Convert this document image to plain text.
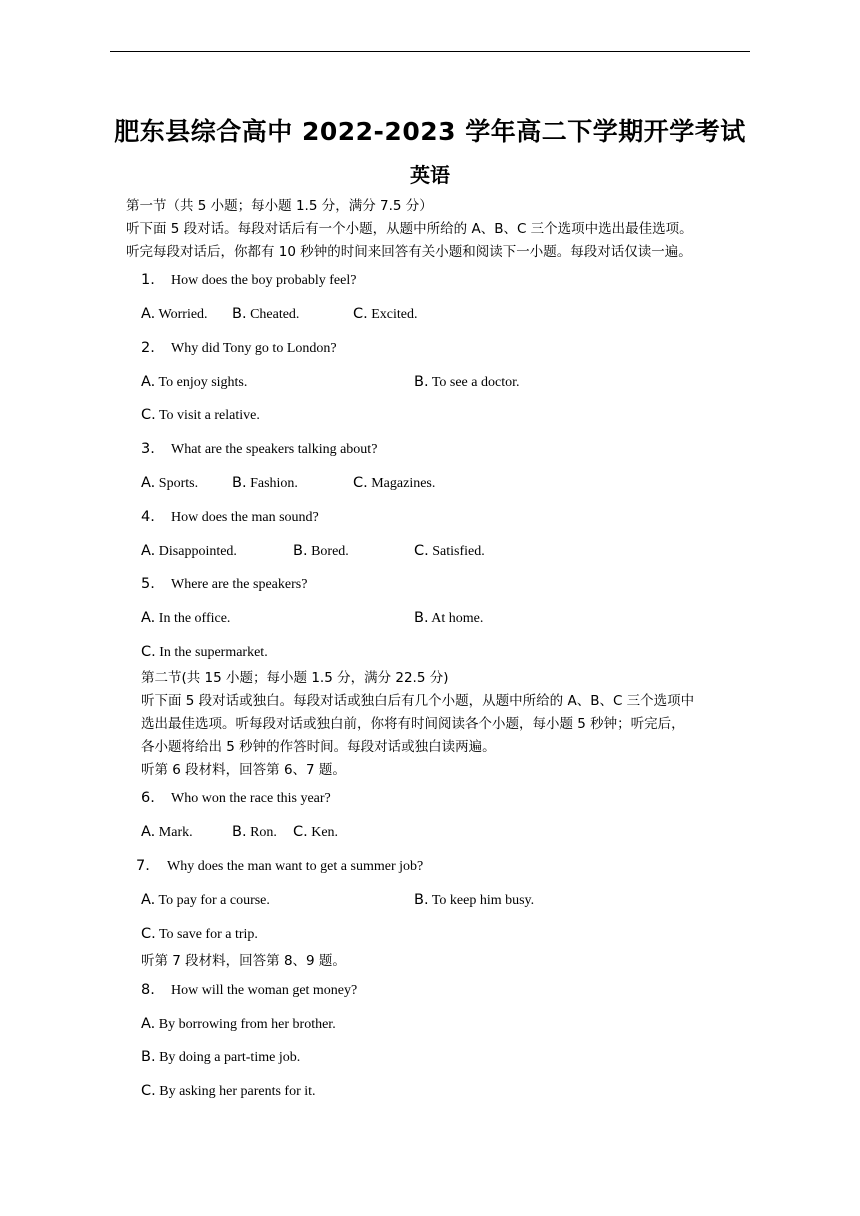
肥东县综合高中 2022-2023 学年高二下学期开学考试
英语
第一节（共 5 小题；每小题 1.5 分，满分 7.5 分）
听下面 5 段对话。每段对话后有一个小题，从题中所给的 A、B、C 三个选项中选出最佳选项。
听完每段对话后，你都有 10 秒钟的时间来回答有关小题和阅读下一小题。每段对话仅读一遍。
1. How does the boy probably feel?
A. Worried. B. Cheated.	C. Excited.
2. Why did Tony go to London?
A. To enjoy sights.	B. To see a doctor.
C. To visit a relative.
3. What are the speakers talking about?
A. Sports. B. Fashion.	C. Magazines.
4. How does the man sound?
A. Disappointed.	B. Bored.	C. Satisfied.
5. Where are the speakers?
A. In the office.	B. At home.
C. In the supermarket.
第二节(共 15 小题；每小题 1.5 分，满分 22.5 分)
听下面 5 段对话或独白。每段对话或独白后有几个小题，从题中所给的 A、B、C 三个选项中
选出最佳选项。听每段对话或独白前，你将有时间阅读各个小题，每小题 5 秒钟；听完后，
各小题将给出 5 秒钟的作答时间。每段对话或独白读两遍。
听第 6 段材料，回答第 6、7 题。
6. Who won the race this year?
A. Mark.	B. Ron. C. Ken.
7. Why does the man want to get a summer job?
A. To pay for a course.	B. To keep him busy.
C. To save for a trip.
听第 7 段材料，回答第 8、9 题。
8. How will the woman get money?
A. By borrowing from her brother.
B. By doing a part-time job.
C. By asking her parents for it.
